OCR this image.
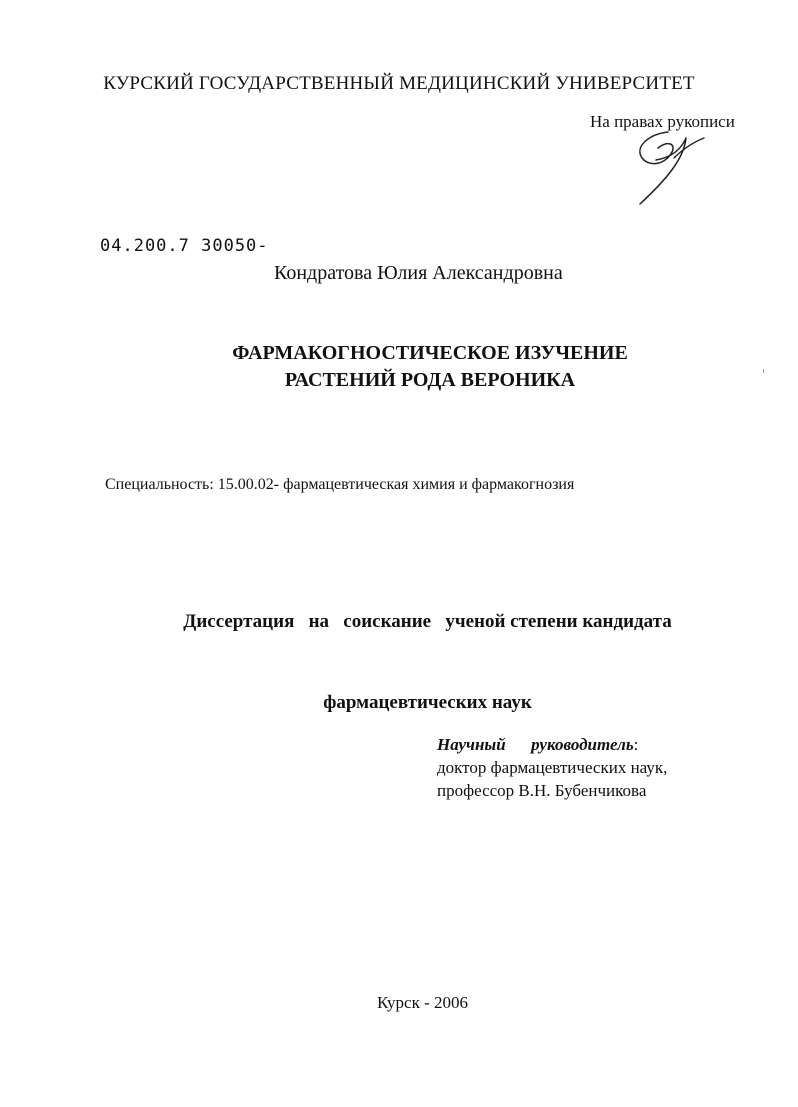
КУРСКИЙ ГОСУДАРСТВЕННЫЙ МЕДИЦИНСКИЙ УНИВЕРСИТЕТ
На правах рукописи
04.200.7 30050-
Кондратова Юлия Александровна
ФАРМАКОГНОСТИЧЕСКОЕ ИЗУЧЕНИЕ
РАСТЕНИЙ РОДА ВЕРОНИКА
Специальность: 15.00.02- фармацевтическая химия и фармакогнозия

Диссертация   на   соискание   ученой степени кандидата

фармацевтических наук

Научный      руководитель:
доктор фармацевтических наук,
профессор В.Н. Бубенчикова
Курск - 2006
